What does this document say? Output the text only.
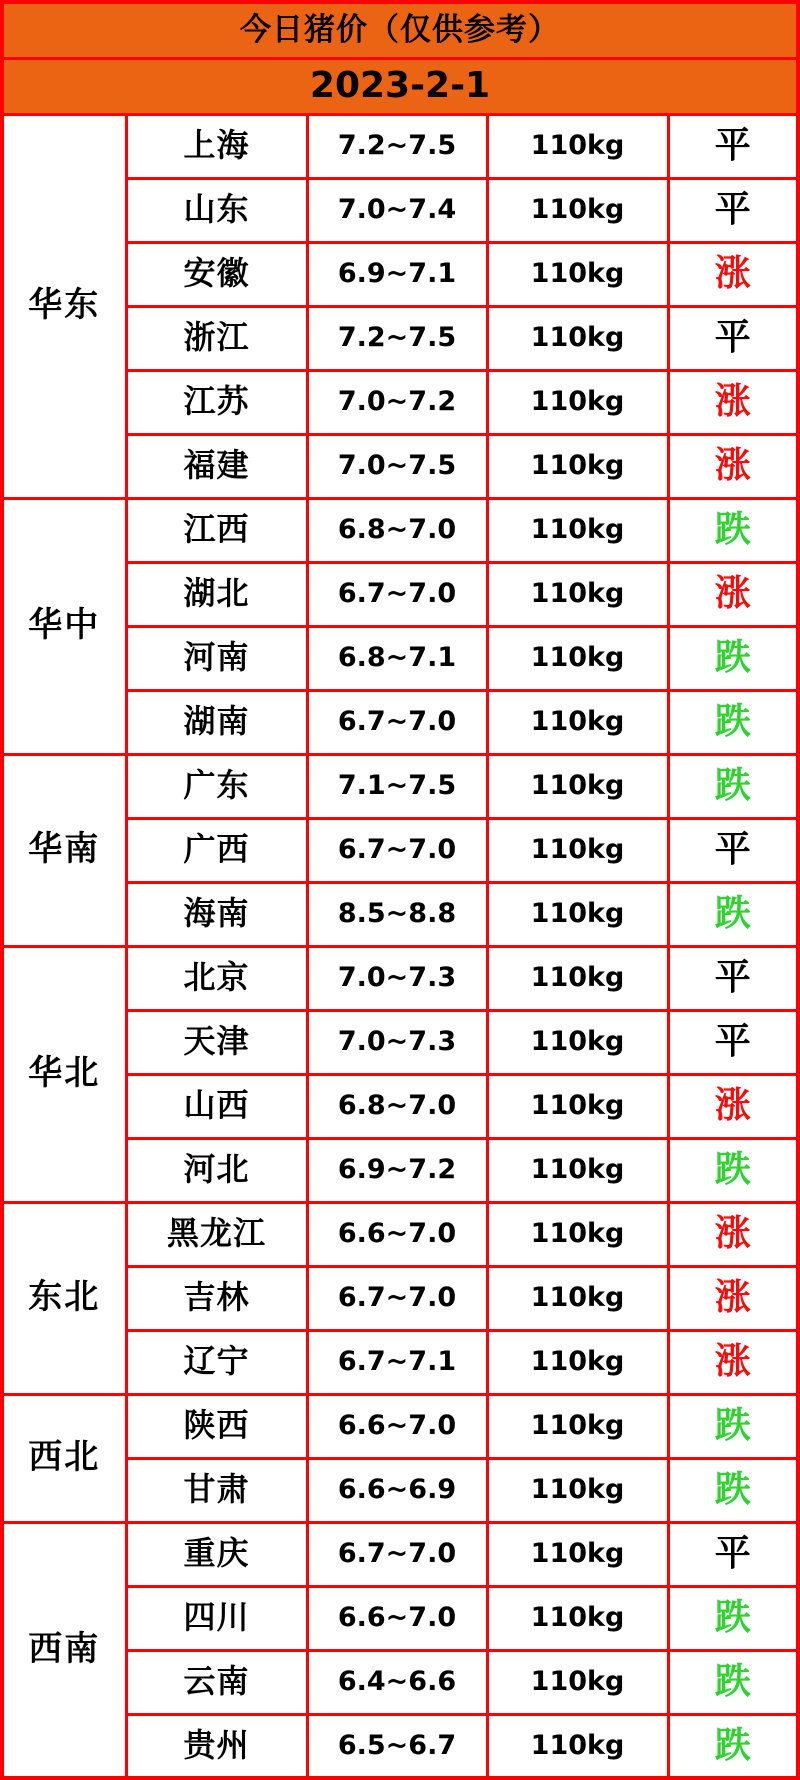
今日猪价（仅供参考）				
2023-2-1				
华东	上海	7.2~7.5	110kg	平
	山东	7.0~7.4	110kg	平
	安徽	6.9~7.1	110kg	涨
	浙江	7.2~7.5	110kg	平
	江苏	7.0~7.2	110kg	涨
	福建	7.0~7.5	110kg	涨
华中	江西	6.8~7.0	110kg	跌
	湖北	6.7~7.0	110kg	涨
	河南	6.8~7.1	110kg	跌
	湖南	6.7~7.0	110kg	跌
华南	广东	7.1~7.5	110kg	跌
	广西	6.7~7.0	110kg	平
	海南	8.5~8.8	110kg	跌
华北	北京	7.0~7.3	110kg	平
	天津	7.0~7.3	110kg	平
	山西	6.8~7.0	110kg	涨
	河北	6.9~7.2	110kg	跌
东北	黑龙江	6.6~7.0	110kg	涨
	吉林	6.7~7.0	110kg	涨
	辽宁	6.7~7.1	110kg	涨
西北	陕西	6.6~7.0	110kg	跌
	甘肃	6.6~6.9	110kg	跌
西南	重庆	6.7~7.0	110kg	平
	四川	6.6~7.0	110kg	跌
	云南	6.4~6.6	110kg	跌
	贵州	6.5~6.7	110kg	跌
